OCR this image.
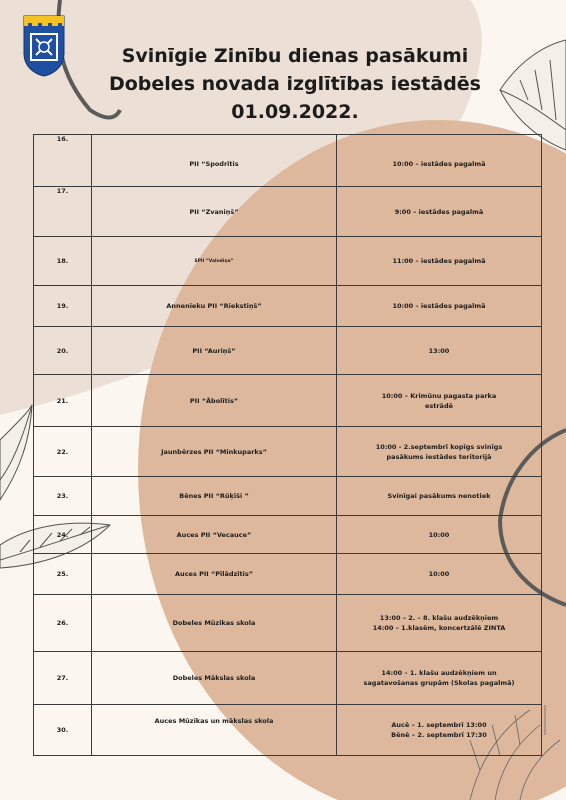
Svinīgie Zinību dienas pasākumi
Dobeles novada izglītības iestādēs
01.09.2022.
16.	PII “Spodrītis	10:00 – iestādes pagalmā

17.	PII “Zvaniņš”	9:00 – iestādes pagalmā

18.	SPII “Valodiņa”	11:00 – iestādes pagalmā

19.	Annenieku PII “Riekstiņš”	10:00 – iestādes pagalmā

20.	PII “Auriņš”	13:00

21.	PII “Ābolītis”	10:00 – Krimūnu pagasta parka
estrādē

22.	Jaunbērzes PII “Minkuparks”	10:00 - 2.septembrī kopīgs svinīgs
pasākums iestādes teritorijā

23.	Bēnes PII “Rūķīši ”	Svinīgai pasākums nenotiek

24.	Auces PII “Vecauce”	10:00

25.	Auces PII “Pīlādzītis”	10:00

26.	Dobeles Mūzikas skola	13:00 – 2. – 8. klašu audzēkņiem
14:00 – 1.klasēm, koncertzālē ZINTA

27.	Dobeles Mākslas skola	14:00 – 1. klašu audzēkņiem un
sagatavošanas grupām (Skolas pagalmā)

30.	Auces Mūzikas un mākslas skola	Aucē – 1. septembrī 13:00
Bēnē – 2. septembrī 17:30
